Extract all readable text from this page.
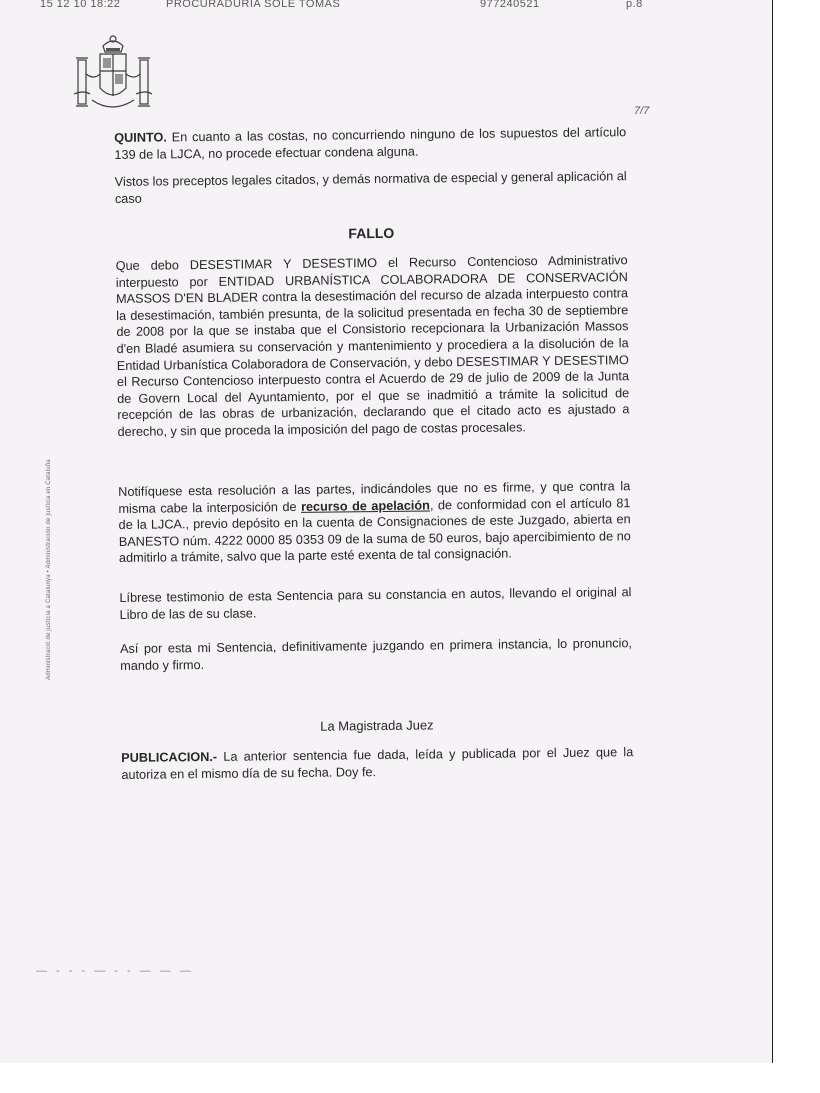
15 12 10 18:22	PROCURADURIA SOLE TOMAS	977240521	p.8
7/7
Administració de justícia a Catalunya • Administración de justicia en Cataluña

QUINTO. En cuanto a las costas, no concurriendo ninguno de los supuestos del artículo 139 de la LJCA, no procede efectuar condena alguna.

Vistos los preceptos legales citados, y demás normativa de especial y general aplicación al caso

FALLO

Que debo DESESTIMAR Y DESESTIMO el Recurso Contencioso Administrativo interpuesto por ENTIDAD URBANÍSTICA COLABORADORA DE CONSERVACIÓN MASSOS D'EN BLADER contra la desestimación del recurso de alzada interpuesto contra la desestimación, también presunta, de la solicitud presentada en fecha 30 de septiembre de 2008 por la que se instaba que el Consistorio recepcionara la Urbanización Massos d'en Bladé asumiera su conservación y mantenimiento y procediera a la disolución de la Entidad Urbanística Colaboradora de Conservación, y debo DESESTIMAR Y DESESTIMO el Recurso Contencioso interpuesto contra el Acuerdo de 29 de julio de 2009 de la Junta de Govern Local del Ayuntamiento, por el que se inadmitió a trámite la solicitud de recepción de las obras de urbanización, declarando que el citado acto es ajustado a derecho, y sin que proceda la imposición del pago de costas procesales.

Notifíquese esta resolución a las partes, indicándoles que no es firme, y que contra la misma cabe la interposición de recurso de apelación, de conformidad con el artículo 81 de la LJCA., previo depósito en la cuenta de Consignaciones de este Juzgado, abierta en BANESTO núm. 4222 0000 85 0353 09 de la suma de 50 euros, bajo apercibimiento de no admitirlo a trámite, salvo que la parte esté exenta de tal consignación.

Líbrese testimonio de esta Sentencia para su constancia en autos, llevando el original al Libro de las de su clase.

Así por esta mi Sentencia, definitivamente juzgando en primera instancia, lo pronuncio, mando y firmo.

La Magistrada Juez

PUBLICACION.- La anterior sentencia fue dada, leída y publicada por el Juez que la autoriza en el mismo día de su fecha. Doy fe.

— - - - — - - — — —
